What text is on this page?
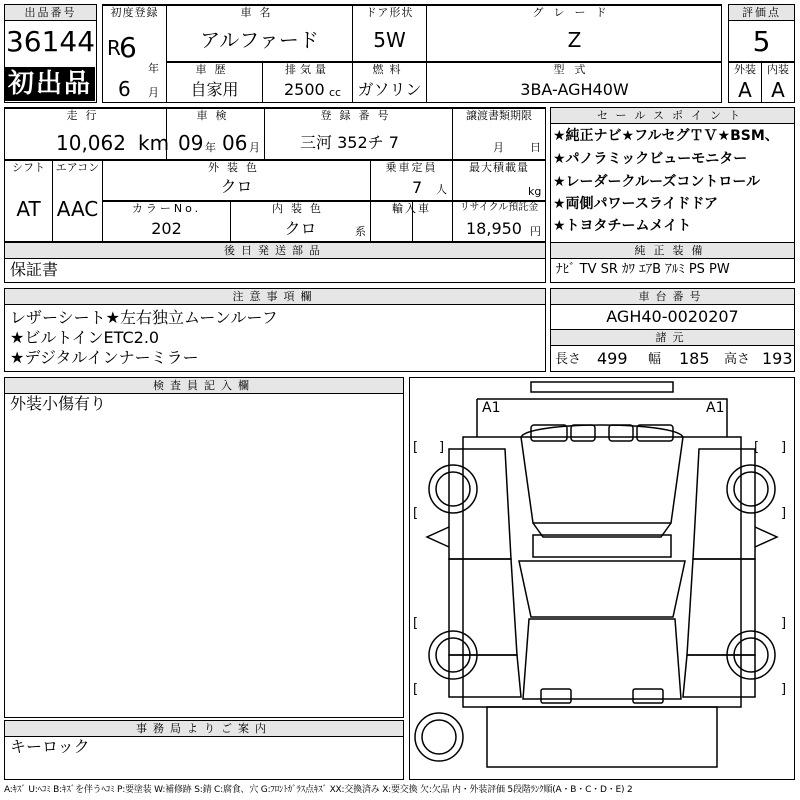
出品番号
36144
初出品
初度登録
R
6
年
6 月
車名
アルファード
ドア形状
5W
グレード
Z
車歴
自家用
排気量
2500 cc
燃料
ガソリン
型式
3BA-AGH40W
評価点
5
外装	内装
A A
走行
10,062 km
車検
09 年 06 月
登録番号
三河 352チ 7
譲渡書類期限
月 日
シフト
AT
エアコン
AAC
外装色
クロ
乗車定員
7 人
最大積載量
kg
カラーNo.
202
内装色
クロ	系
輸入車	リサイクル預託金
18,950 円
後日発送部品
保証書
セールスポイント
★純正ナビ★フルセグＴＶ★BSM、
★パノラミックビューモニター
★レーダークルーズコントロール
★両側パワースライドドア
★トヨタチームメイト
純正装備
ﾅﾋﾞ TV SR ｶﾜ ｴｱB ｱﾙﾐ PS PW
注意事項欄
レザーシート★左右独立ムーンルーフ
★ビルトインETC2.0
★デジタルインナーミラー
車台番号
AGH40-0020207
諸元
長さ 499 幅 185 高さ 193
検査員記入欄
外装小傷有り
事務局よりご案内
キーロック
A1	A1
[ ]	[ ]
[	]
[	]
[	]
A:ｷｽﾞ U:ﾍｺﾐ B:ｷｽﾞを伴うﾍｺﾐ P:要塗装 W:補修跡 S:錆 C:腐食、穴 G:ﾌﾛﾝﾄｶﾞﾗｽ点ｷｽﾞ XX:交換済み X:要交換 欠:欠品 内・外装評価 5段階ﾗﾝｸ順(A・B・C・D・E) 2
